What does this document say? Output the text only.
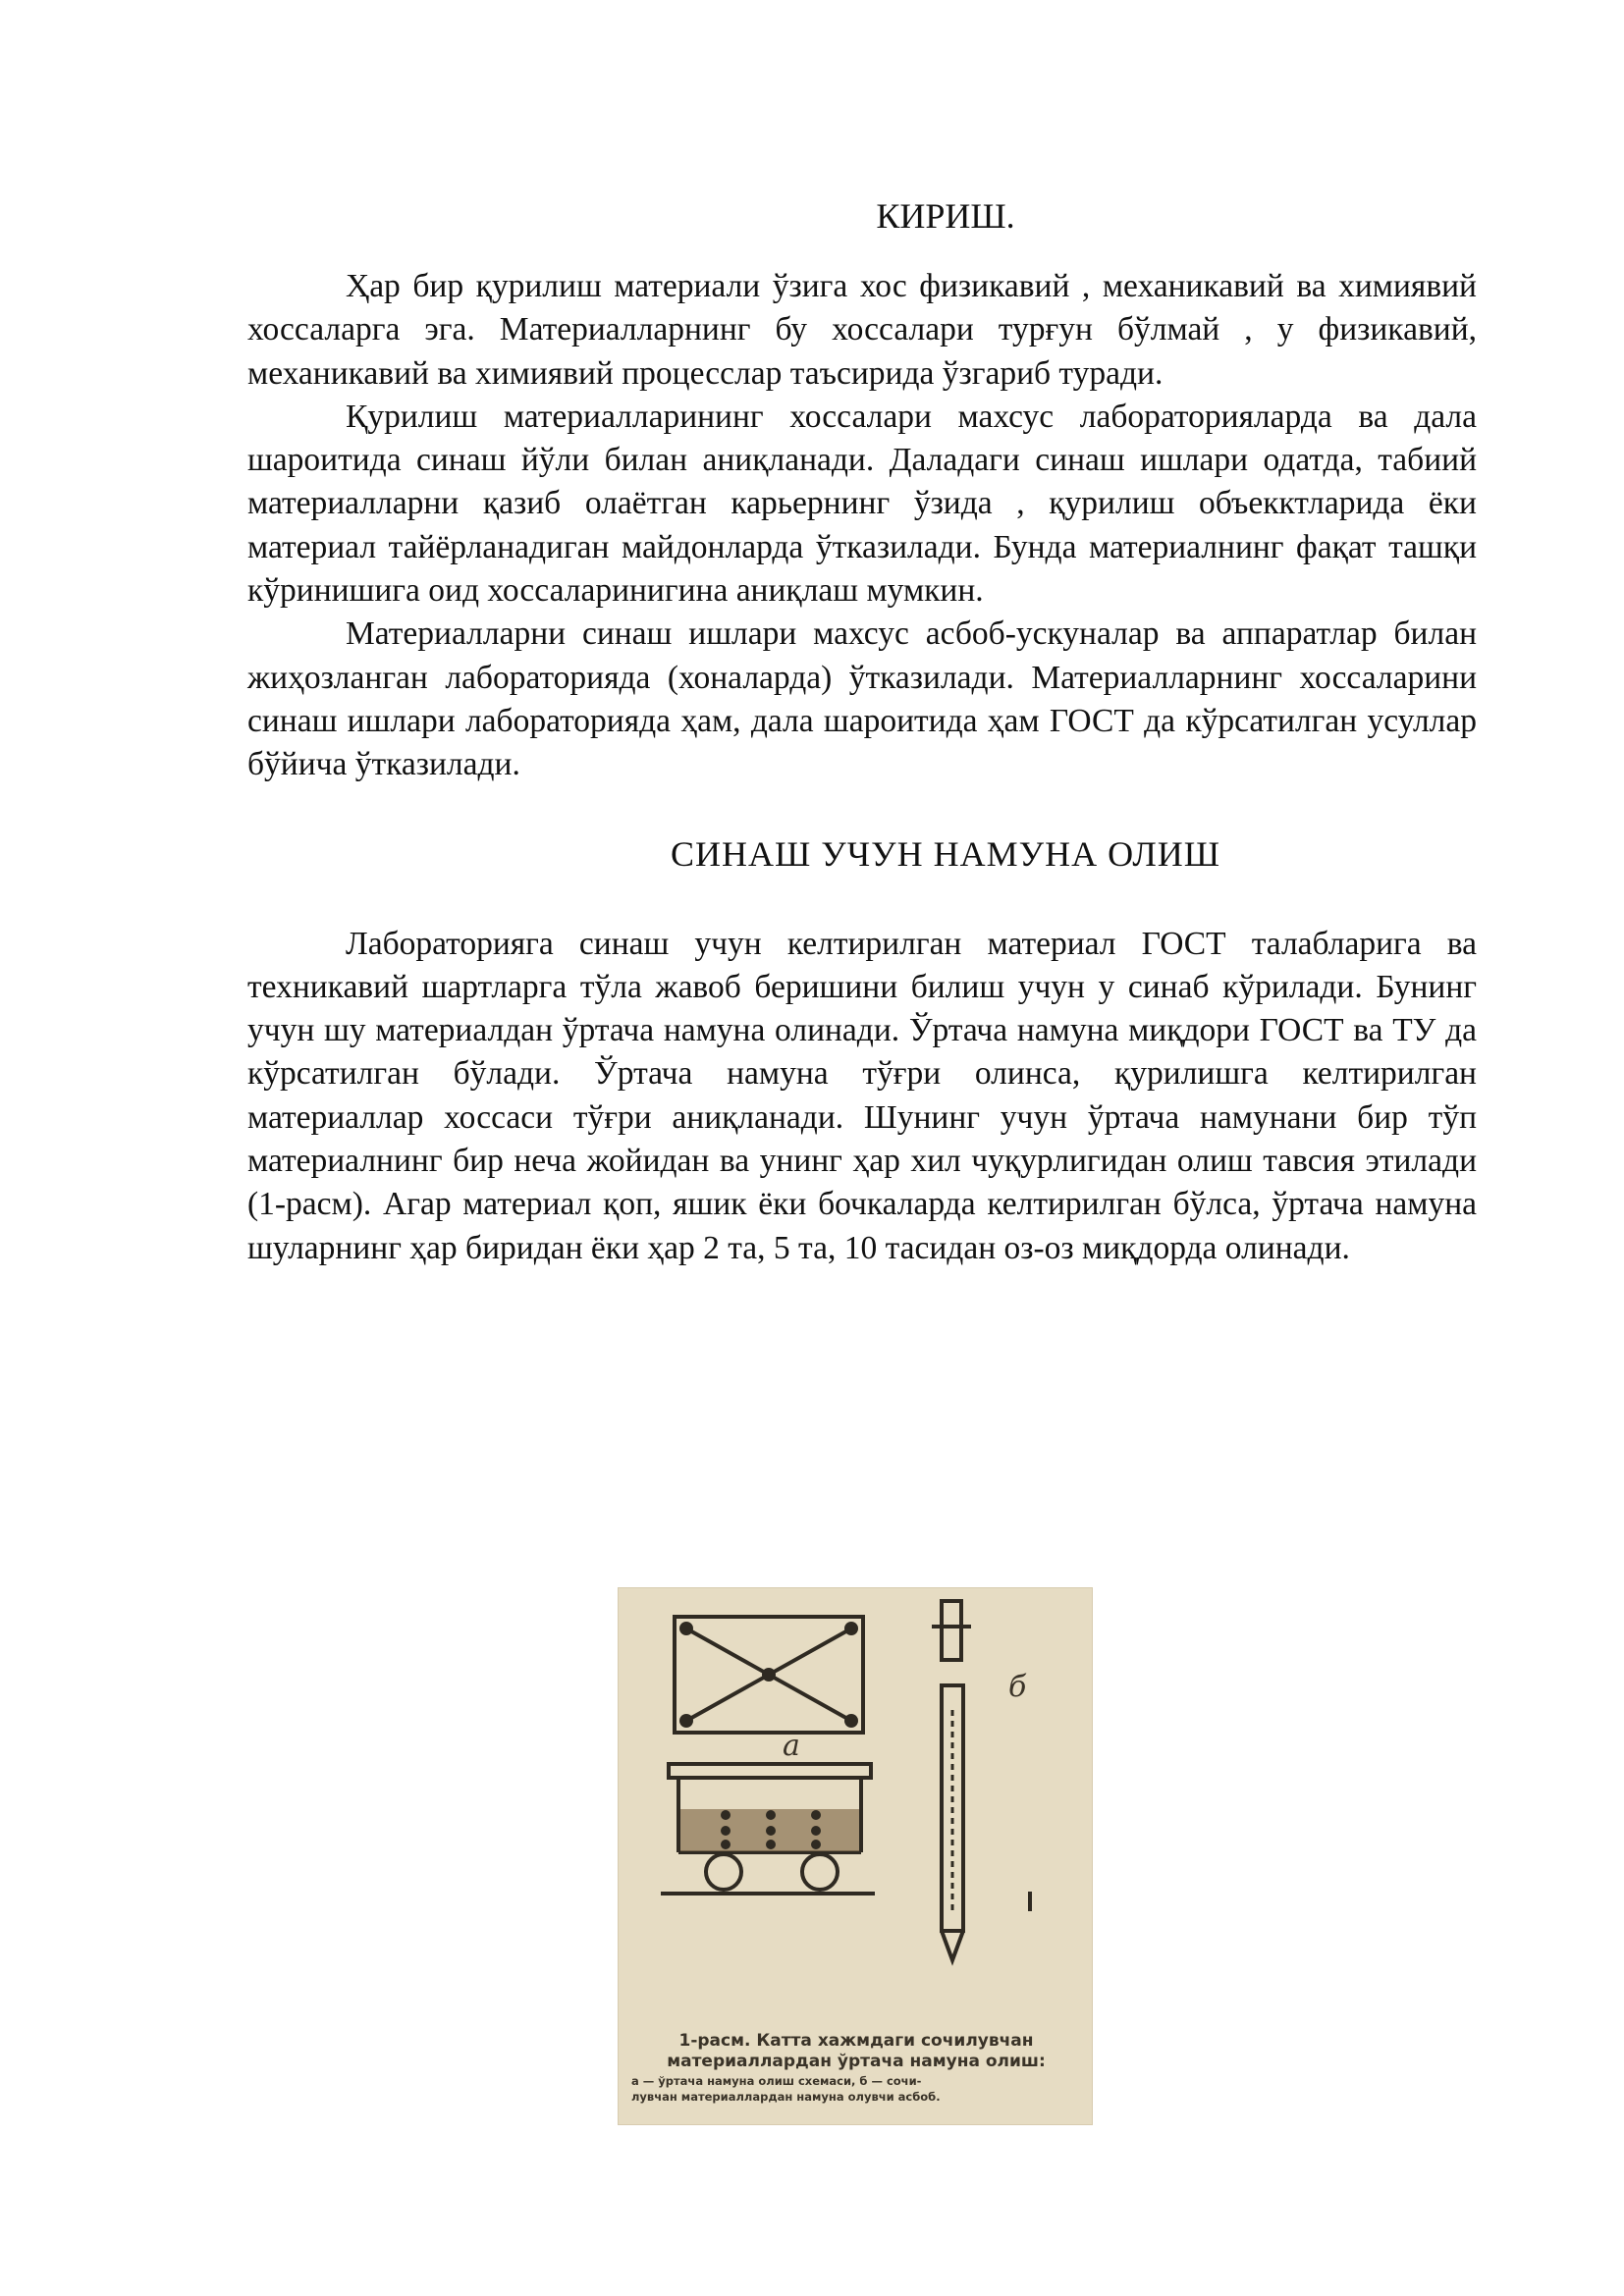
КИРИШ.

Ҳар бир қурилиш материали ўзига хос физикавий , механикавий ва химиявий хоссаларга эга. Материалларнинг бу хоссалари турғун бўлмай , у физикавий, механикавий ва химиявий процесслар таъсирида ўзгариб туради.

Қурилиш материалларининг хоссалари махсус лабораторияларда ва дала шароитида синаш йўли билан аниқланади. Даладаги синаш ишлари одатда, табиий материалларни қазиб олаётган карьернинг ўзида , қурилиш объекктларида ёки материал тайёрланадиган майдонларда ўтказилади. Бунда материалнинг фақат ташқи кўринишига оид хоссаларинигина аниқлаш мумкин.

Материалларни синаш ишлари махсус асбоб-ускуналар ва аппаратлар билан жиҳозланган лабораторияда (хоналарда) ўтказилади. Материалларнинг хоссаларини синаш ишлари лабораторияда ҳам, дала шароитида ҳам ГОСТ да кўрсатилган усуллар бўйича ўтказилади.

СИНАШ УЧУН НАМУНА ОЛИШ

Лабораторияга синаш учун келтирилган материал ГОСТ талабларига ва техникавий шартларга тўла жавоб беришини билиш учун у синаб кўрилади. Бунинг учун шу материалдан ўртача намуна олинади. Ўртача намуна миқдори ГОСТ ва ТУ да кўрсатилган бўлади. Ўртача намуна тўғри олинса, қурилишга келтирилган материаллар хоссаси тўғри аниқланади. Шунинг учун ўртача намунани бир тўп материалнинг бир неча жойидан ва унинг ҳар хил чуқурлигидан олиш тавсия этилади (1-расм). Агар материал қоп, яшик ёки бочкаларда келтирилган бўлса, ўртача намуна шуларнинг ҳар биридан ёки ҳар 2 та, 5 та, 10 тасидан оз-оз миқдорда олинади.

а
б

1-расм. Катта хажмдаги сочилувчан

материаллардан ўртача намуна олиш:

а — ўртача намуна олиш схемаси, б — сочи-

лувчан материаллардан намуна олувчи асбоб.
